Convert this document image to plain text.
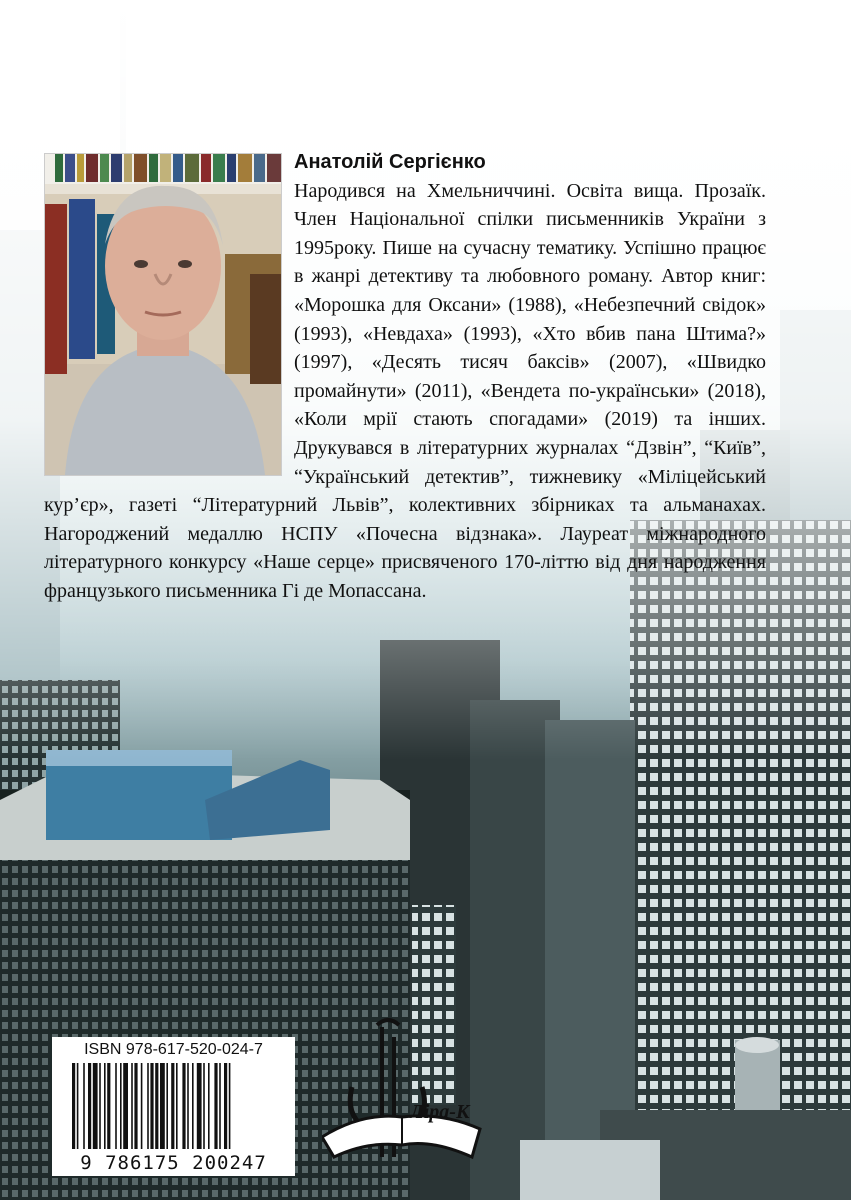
Анатолій Сергієнко
Народився на Хмельниччині. Освіта вища. Прозаїк. Член Національної спілки письменників України з 1995року. Пише на сучасну тематику. Успішно працює в жанрі детективу та любовного роману. Автор книг: «Морошка для Оксани» (1988), «Небезпечний свідок» (1993), «Невдаха» (1993), «Хто вбив пана Штима?» (1997), «Десять тисяч баксів» (2007), «Швидко промайнути» (2011), «Вендета по-українськи» (2018), «Коли мрії стають спогадами» (2019) та інших. Друкувався в літературних журналах “Дзвін”, “Київ”, “Український детектив”, тижневику «Міліцейський кур’єр», газеті “Літературний Львів”, колективних збірниках та альманахах. Нагороджений медаллю НСПУ «Почесна відзнака». Лауреат міжнародного літературного конкурсу «Наше серце» присвяченого 170-літтю від дня народження французького письменника Гі де Мопассана.

ISBN 978-617-520-024-7
9 786175 200247
Ліра-К
